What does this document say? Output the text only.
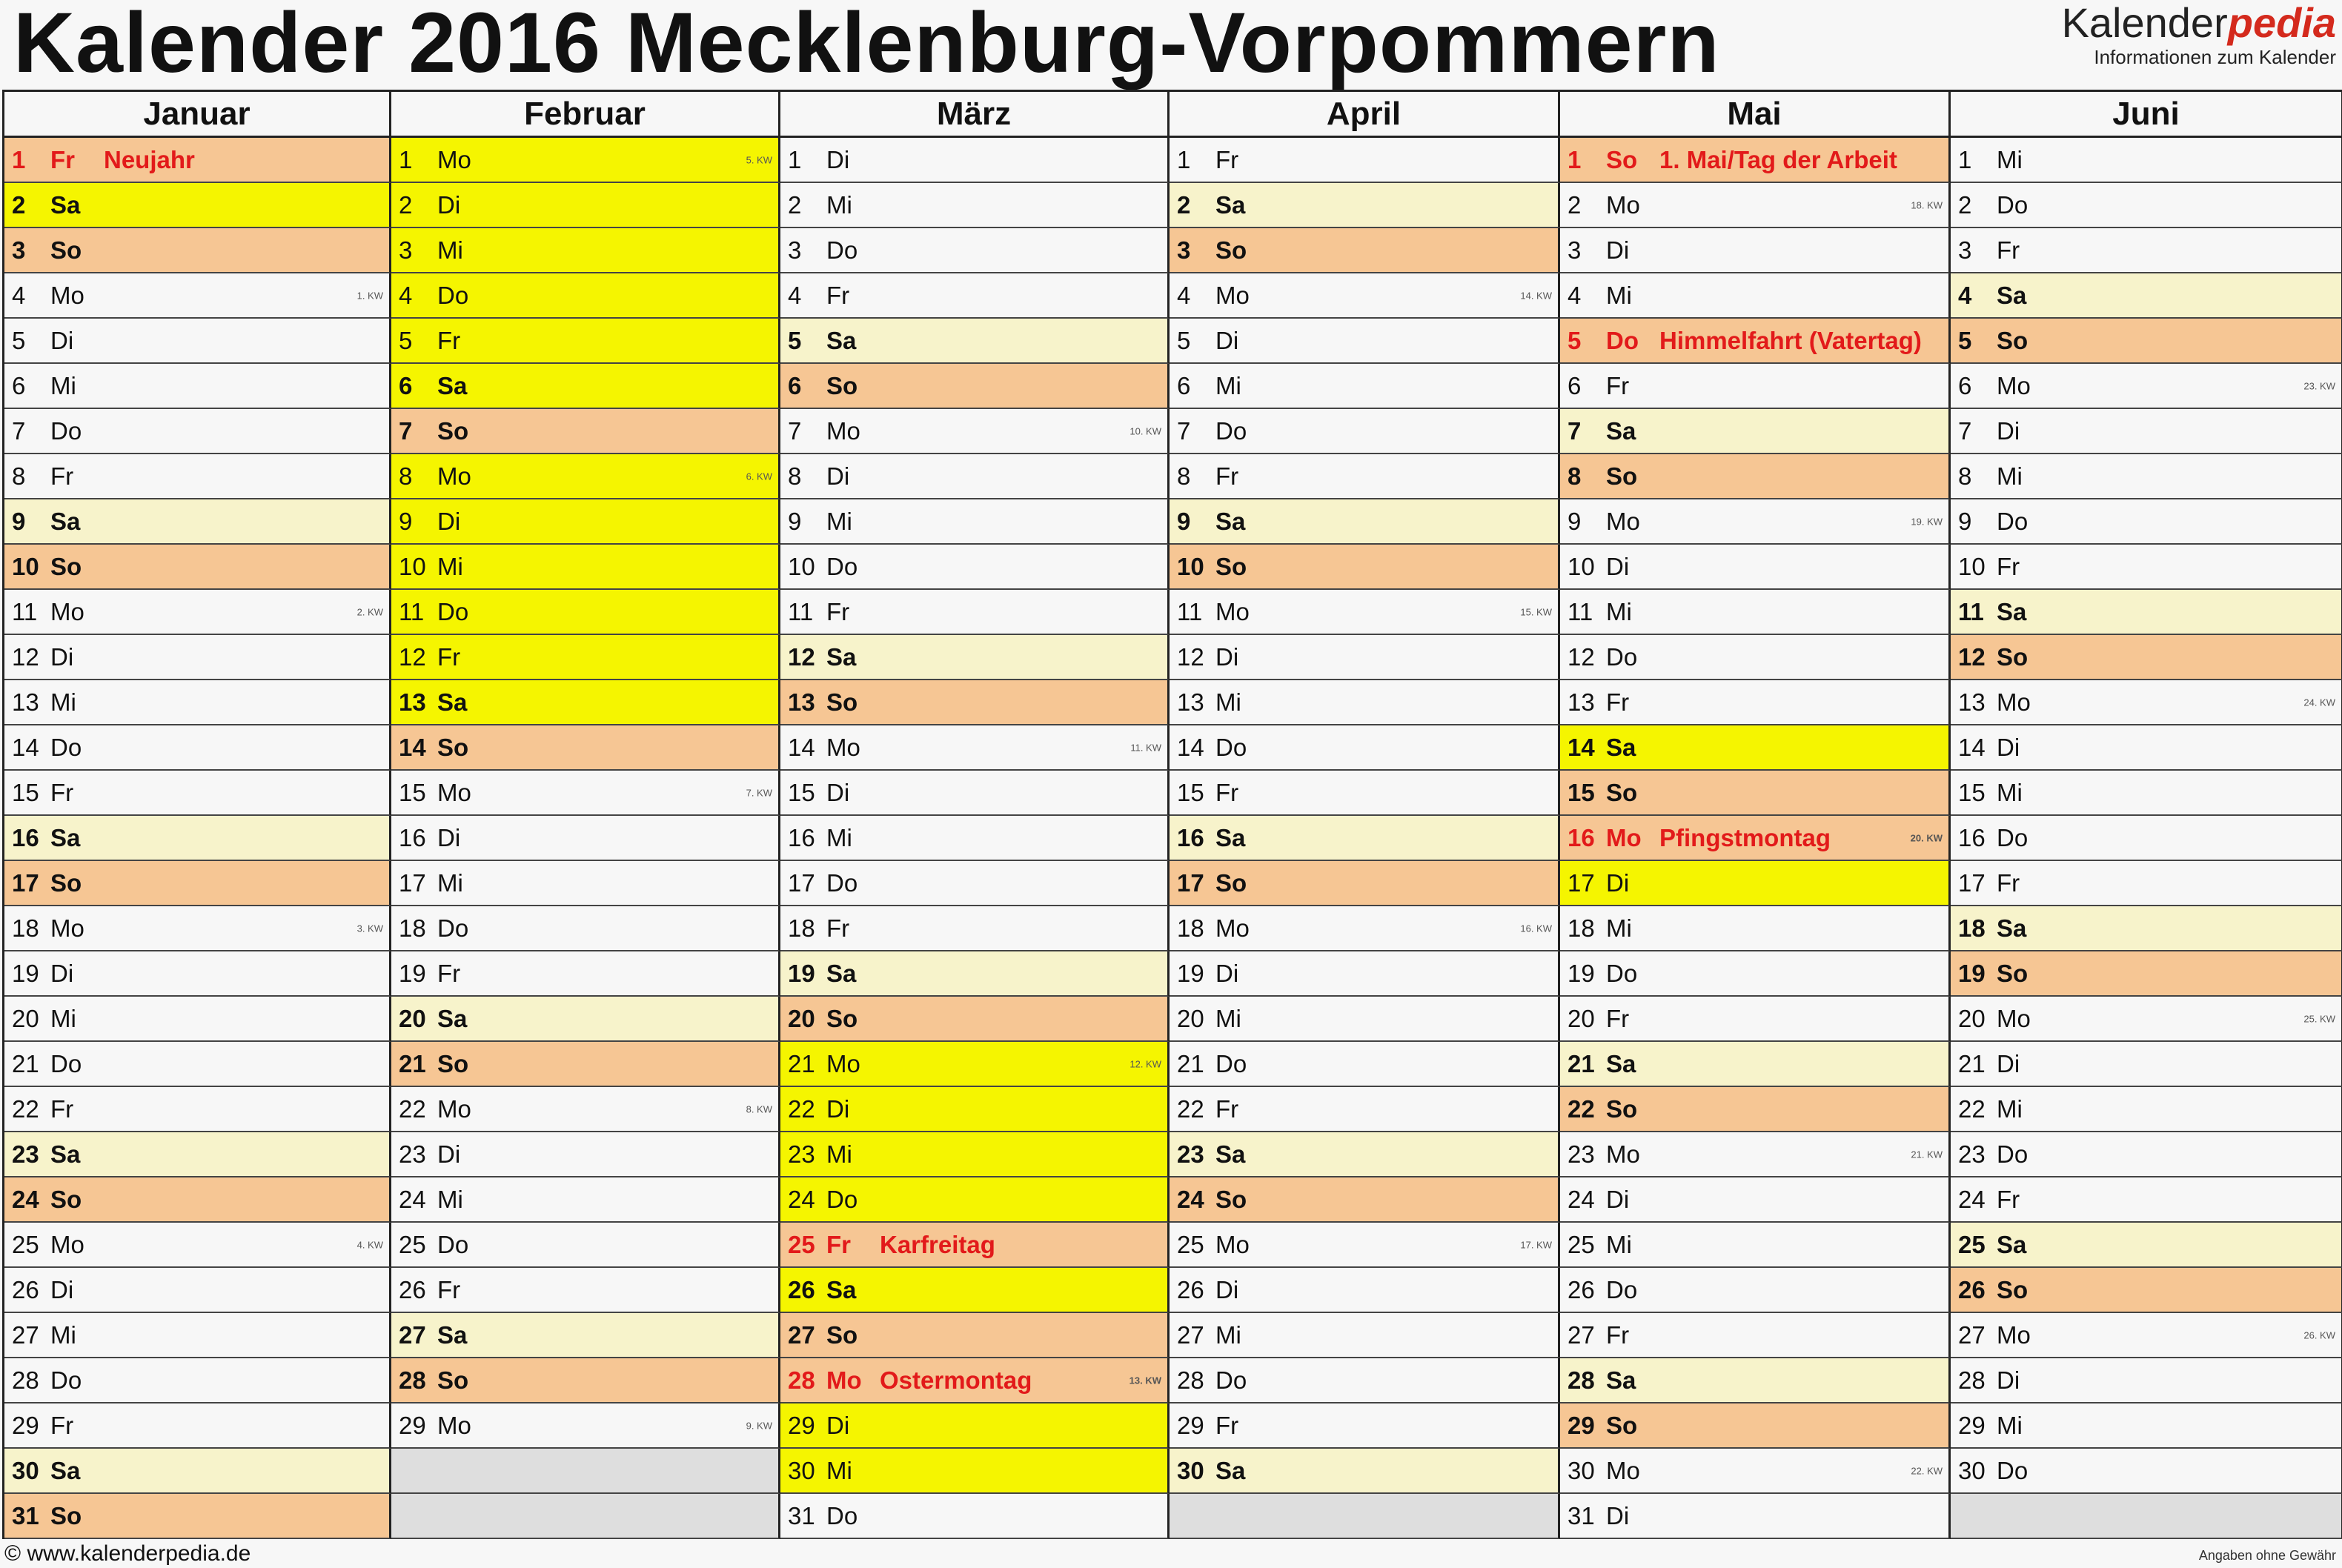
Kalender 2016 Mecklenburg-Vorpommern	Kalenderpedia
Informationen zum Kalender
Januar	Februar	März	April	Mai	Juni
1	Fr	Neujahr
2	Sa
3	So
4	Mo	1. KW
5	Di
6	Mi
7	Do
8	Fr
9	Sa
10 So
11 Mo	2. KW
12 Di
13 Mi
14 Do
15 Fr
16 Sa
17 So
18 Mo	3. KW
19 Di
20 Mi
21 Do
22 Fr
23 Sa
24 So
25 Mo	4. KW
26 Di
27 Mi
28 Do
29 Fr
30 Sa
31 So
1	Mo	5. KW
2	Di
3	Mi
4	Do
5	Fr
6	Sa
7	So
8	Mo	6. KW
9	Di
10 Mi
11 Do
12 Fr
13 Sa
14 So
15 Mo	7. KW
16 Di
17 Mi
18 Do
19 Fr
20 Sa
21 So
22 Mo	8. KW
23 Di
24 Mi
25 Do
26 Fr
27 Sa
28 So
29 Mo	9. KW
1	Di
2	Mi
3	Do
4	Fr
5	Sa
6	So
7	Mo	10. KW
8	Di
9	Mi
10 Do
11 Fr
12 Sa
13 So
14 Mo	11. KW
15 Di
16 Mi
17 Do
18 Fr
19 Sa
20 So
21 Mo	12. KW
22 Di
23 Mi
24 Do
25 Fr	Karfreitag
26 Sa
27 So
28 Mo Ostermontag	13. KW
29 Di
30 Mi
31 Do
1	Fr
2	Sa
3	So
4	Mo	14. KW
5	Di
6	Mi
7	Do
8	Fr
9	Sa
10 So
11 Mo	15. KW
12 Di
13 Mi
14 Do
15 Fr
16 Sa
17 So
18 Mo	16. KW
19 Di
20 Mi
21 Do
22 Fr
23 Sa
24 So
25 Mo	17. KW
26 Di
27 Mi
28 Do
29 Fr
30 Sa
1	So 1. Mai/Tag der Arbeit
2	Mo	18. KW
3	Di
4	Mi
5	Do Himmelfahrt (Vatertag)
6	Fr
7	Sa
8	So
9	Mo	19. KW
10 Di
11 Mi
12 Do
13 Fr
14 Sa
15 So
16 Mo Pfingstmontag	20. KW
17 Di
18 Mi
19 Do
20 Fr
21 Sa
22 So
23 Mo	21. KW
24 Di
25 Mi
26 Do
27 Fr
28 Sa
29 So
30 Mo	22. KW
31 Di
1	Mi
2	Do
3	Fr
4	Sa
5	So
6	Mo	23. KW
7	Di
8	Mi
9	Do
10 Fr
11 Sa
12 So
13 Mo	24. KW
14 Di
15 Mi
16 Do
17 Fr
18 Sa
19 So
20 Mo	25. KW
21 Di
22 Mi
23 Do
24 Fr
25 Sa
26 So
27 Mo	26. KW
28 Di
29 Mi
30 Do
© www.kalenderpedia.de	Angaben ohne Gewähr
